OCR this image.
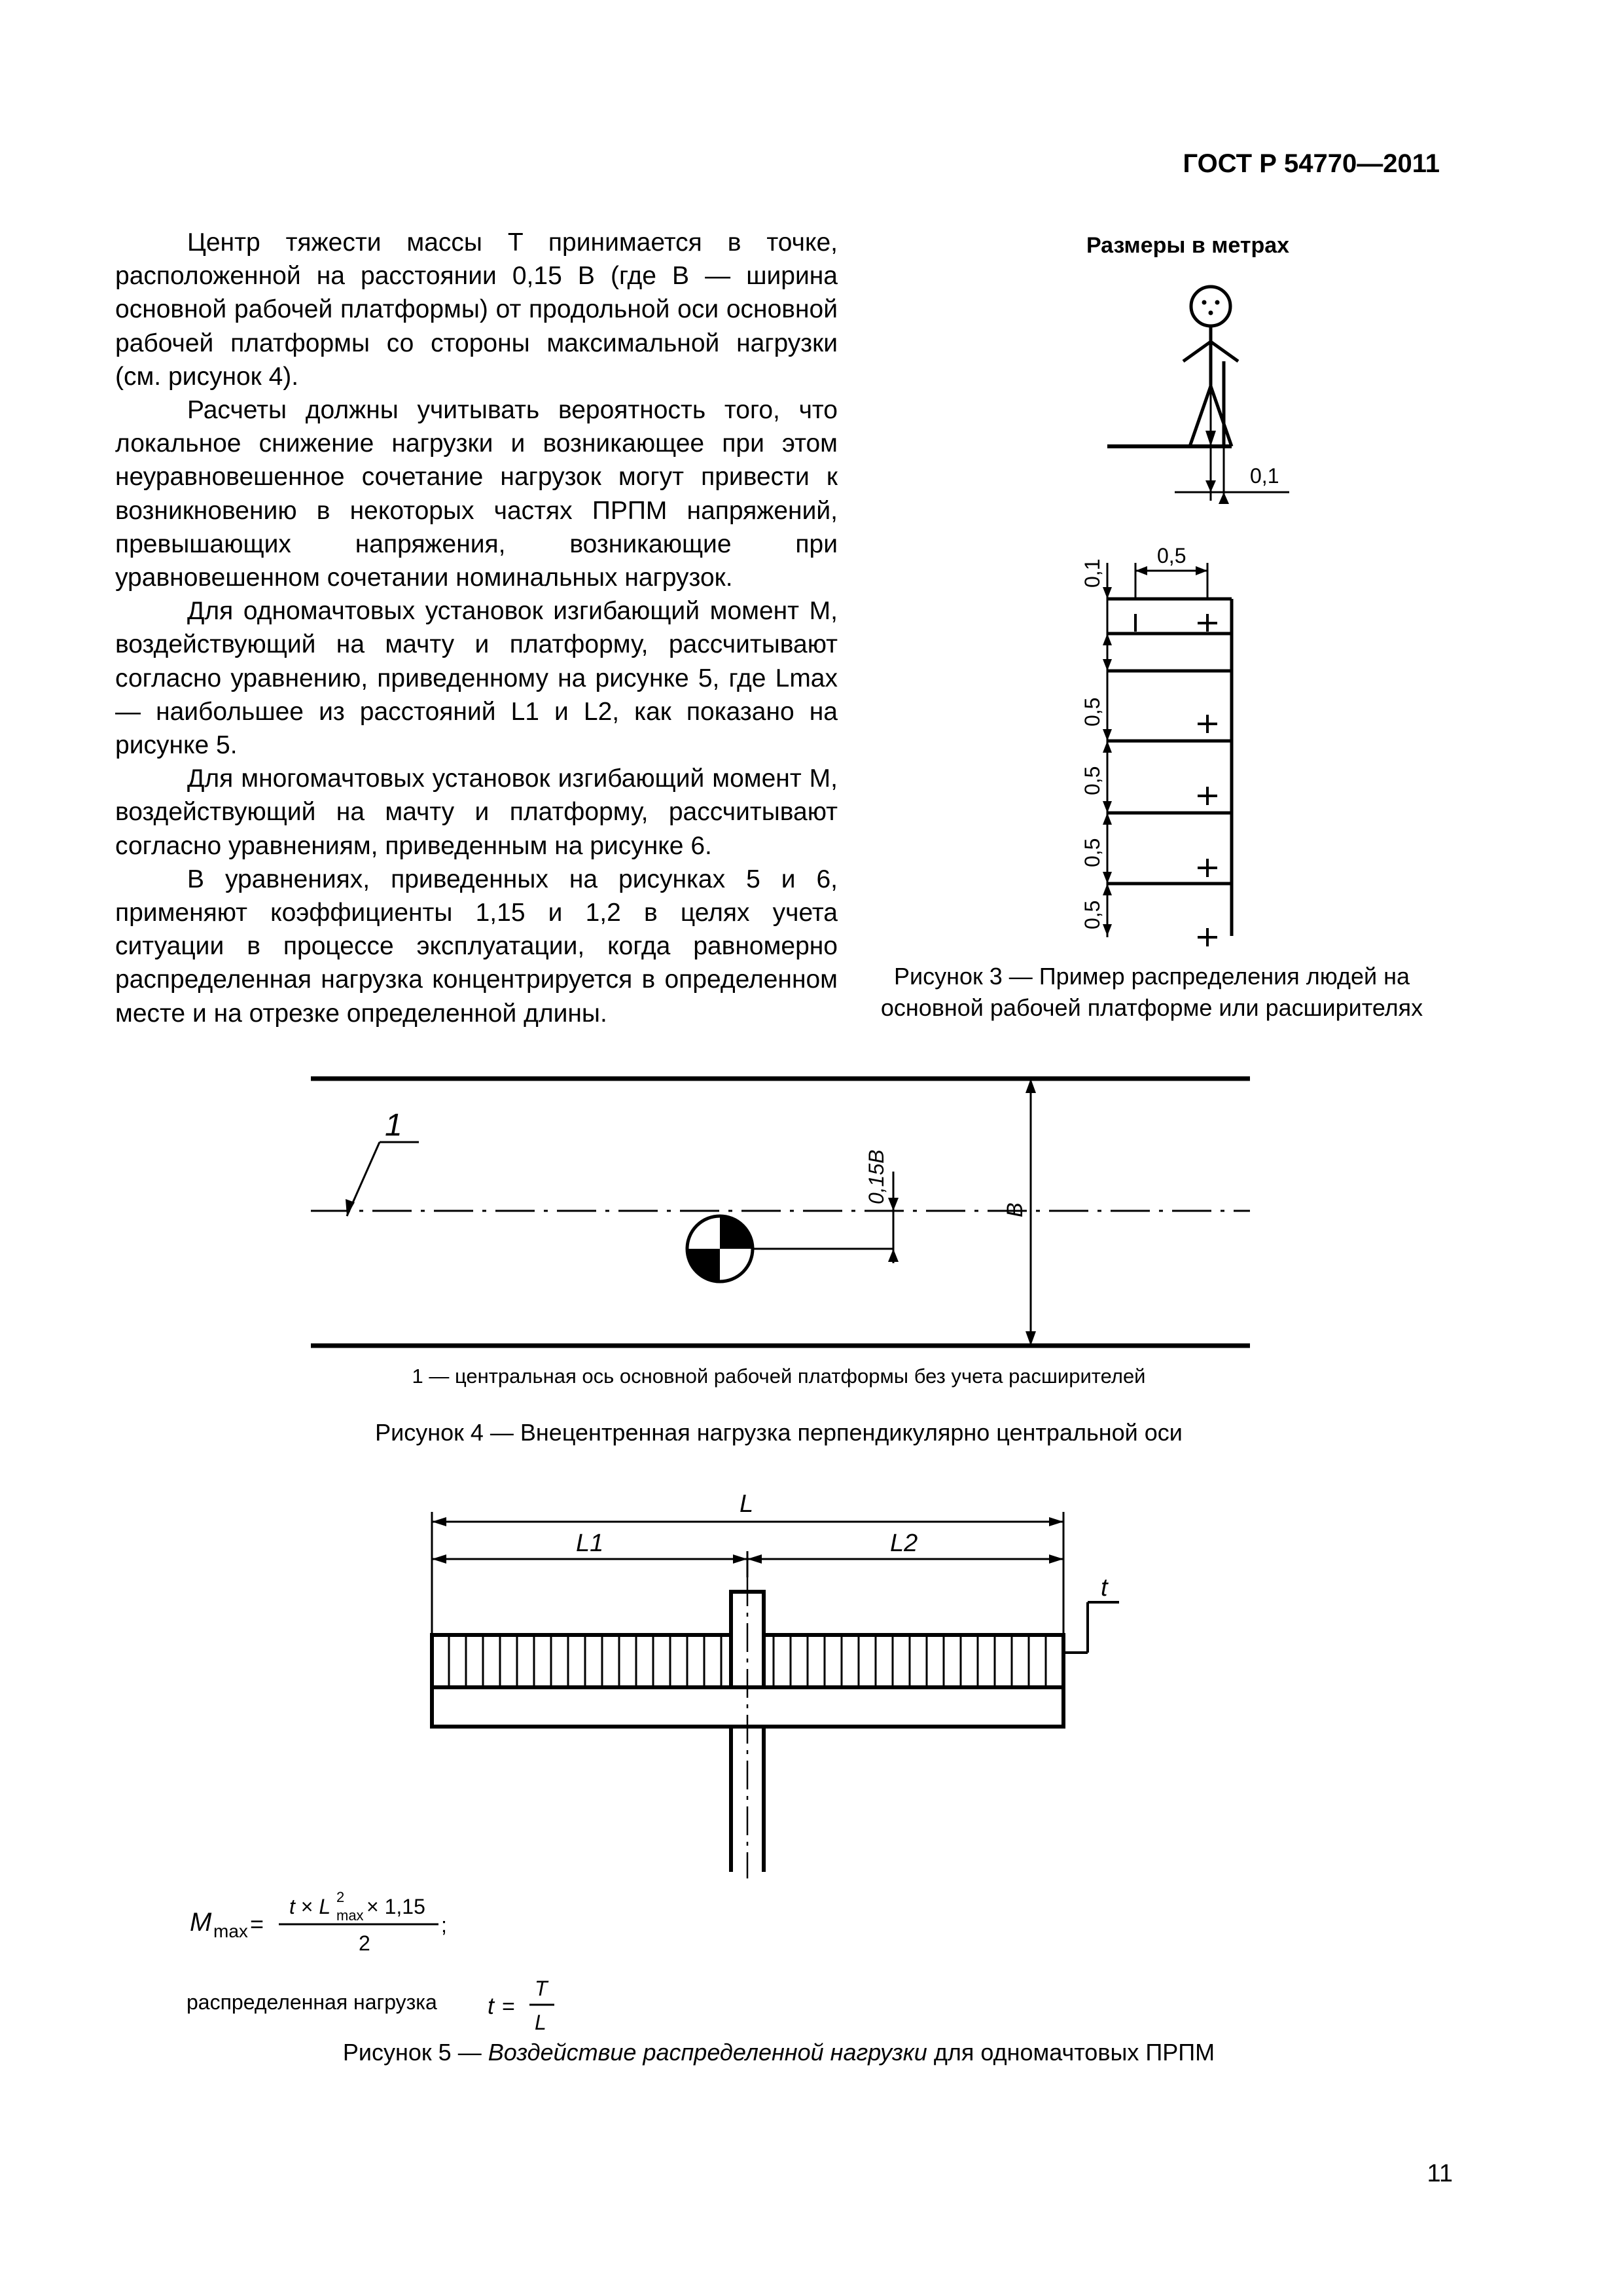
ГОСТ Р 54770—2011

Центр тяжести массы T принимается в точке, расположенной на расстоянии 0,15 B (где B — ширина основной рабочей платформы) от продольной оси основной рабочей платформы со стороны максимальной нагрузки (см. рисунок 4).

Расчеты должны учитывать вероятность того, что локальное снижение нагрузки и возникающее при этом неуравновешенное сочетание нагрузок могут привести к возникновению в некоторых частях ПРПМ напряжений, превышающих напряжения, возникающие при уравновешенном сочетании номинальных нагрузок.

Для одномачтовых установок изгибающий момент M, воздействующий на мачту и платформу, рассчитывают согласно уравнению, приведенному на рисунке 5, где Lmax — наибольшее из расстояний L1 и L2, как показано на рисунке 5.

Для многомачтовых установок изгибающий момент M, воздействующий на мачту и платформу, рассчитывают согласно уравнениям, приведенным на рисунке 6.

В уравнениях, приведенных на рисунках 5 и 6, применяют коэффициенты 1,15 и 1,2 в целях учета ситуации в процессе эксплуатации, когда равномерно распределенная нагрузка концентрируется в определенном месте и на отрезке определенной длины.

Размеры в метрах
0,1
0,5
0,1
0,5
0,5
0,5
0,5
Рисунок 3 — Пример распределения людей на основной рабочей платформе или расширителях
1
0,15B
B
1 — центральная ось основной рабочей платформы без учета расширителей
Рисунок 4 — Внецентренная нагрузка перпендикулярно центральной оси
L
L1	L2
t
M max =
t × L 2
max × 1,15
2
;
распределенная нагрузка t =
T
L
Рисунок 5 — Воздействие распределенной нагрузки для одномачтовых ПРПМ
11
